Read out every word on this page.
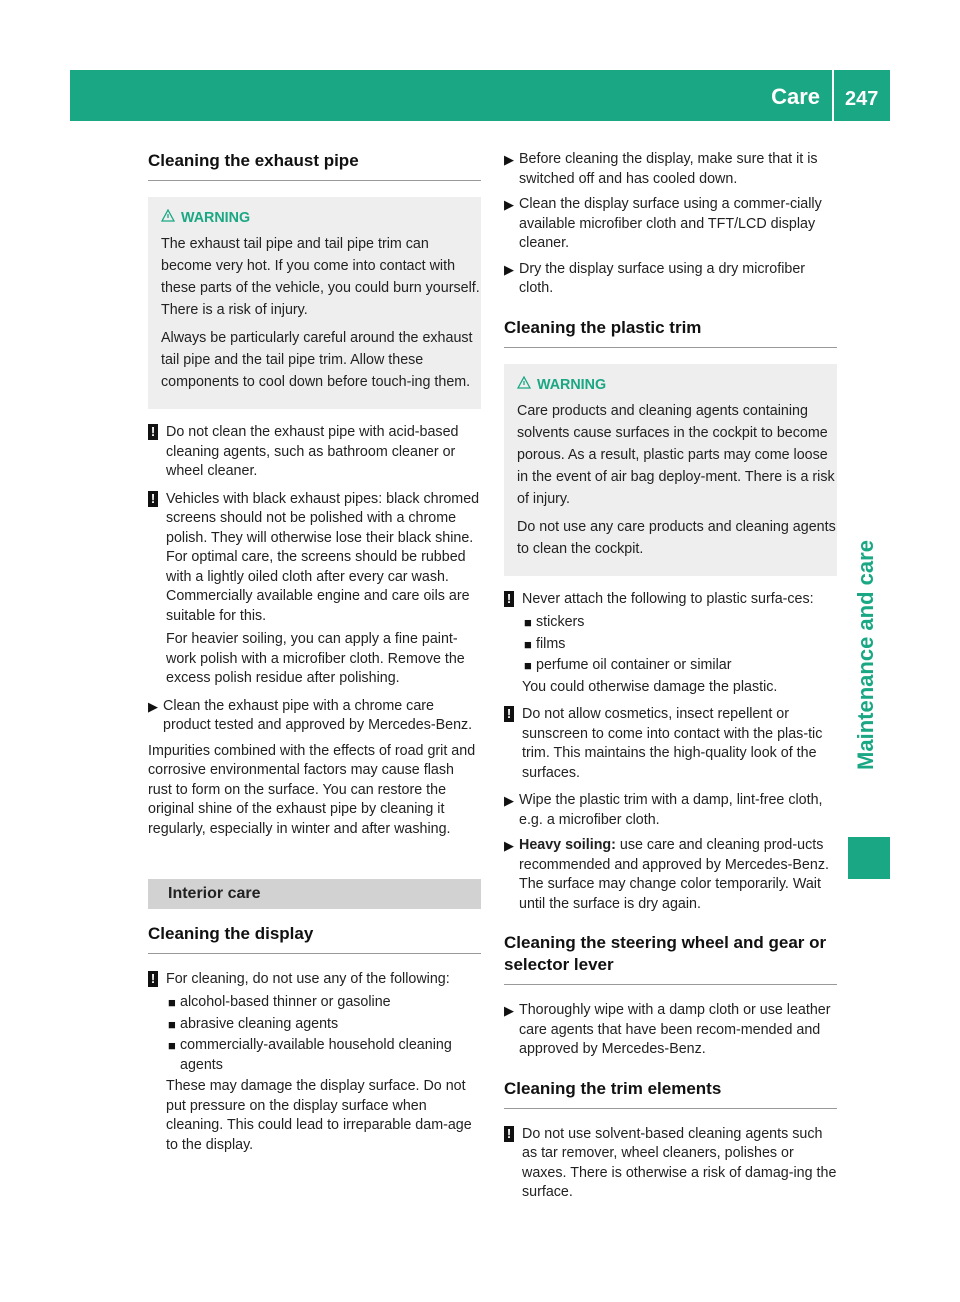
Care 247
Maintenance and care
Cleaning the exhaust pipe
WARNING

The exhaust tail pipe and tail pipe trim can become very hot. If you come into contact with these parts of the vehicle, you could burn yourself. There is a risk of injury.

Always be particularly careful around the exhaust tail pipe and the tail pipe trim. Allow these components to cool down before touch-ing them.

! Do not clean the exhaust pipe with acid-based cleaning agents, such as bathroom cleaner or wheel cleaner.
! Vehicles with black exhaust pipes: black chromed screens should not be polished with a chrome polish. They will otherwise lose their black shine. For optimal care, the screens should be rubbed with a lightly oiled cloth after every car wash. Commercially available engine and care oils are suitable for this.

For heavier soiling, you can apply a fine paint-work polish with a microfiber cloth. Remove the excess polish residue after polishing.

▶ Clean the exhaust pipe with a chrome care product tested and approved by Mercedes-Benz.

Impurities combined with the effects of road grit and corrosive environmental factors may cause flash rust to form on the surface. You can restore the original shine of the exhaust pipe by cleaning it regularly, especially in winter and after washing.

Interior care
Cleaning the display
! For cleaning, do not use any of the following:

■ alcohol-based thinner or gasoline
■ abrasive cleaning agents
■ commercially-available household cleaning agents

These may damage the display surface. Do not put pressure on the display surface when cleaning. This could lead to irreparable dam-age to the display.

▶ Before cleaning the display, make sure that it is switched off and has cooled down.
▶ Clean the display surface using a commer-cially available microfiber cloth and TFT/LCD display cleaner.
▶ Dry the display surface using a dry microfiber cloth.
Cleaning the plastic trim
WARNING

Care products and cleaning agents containing solvents cause surfaces in the cockpit to become porous. As a result, plastic parts may come loose in the event of air bag deploy-ment. There is a risk of injury.

Do not use any care products and cleaning agents to clean the cockpit.

! Never attach the following to plastic surfa-ces:

■ stickers
■ films
■ perfume oil container or similar

You could otherwise damage the plastic.

! Do not allow cosmetics, insect repellent or sunscreen to come into contact with the plas-tic trim. This maintains the high-quality look of the surfaces.
▶ Wipe the plastic trim with a damp, lint-free cloth, e.g. a microfiber cloth.
▶ Heavy soiling: use care and cleaning prod-ucts recommended and approved by Mercedes-Benz.

The surface may change color temporarily. Wait until the surface is dry again.

Cleaning the steering wheel and gear or selector lever
▶ Thoroughly wipe with a damp cloth or use leather care agents that have been recom-mended and approved by Mercedes-Benz.
Cleaning the trim elements
! Do not use solvent-based cleaning agents such as tar remover, wheel cleaners, polishes or waxes. There is otherwise a risk of damag-ing the surface.
